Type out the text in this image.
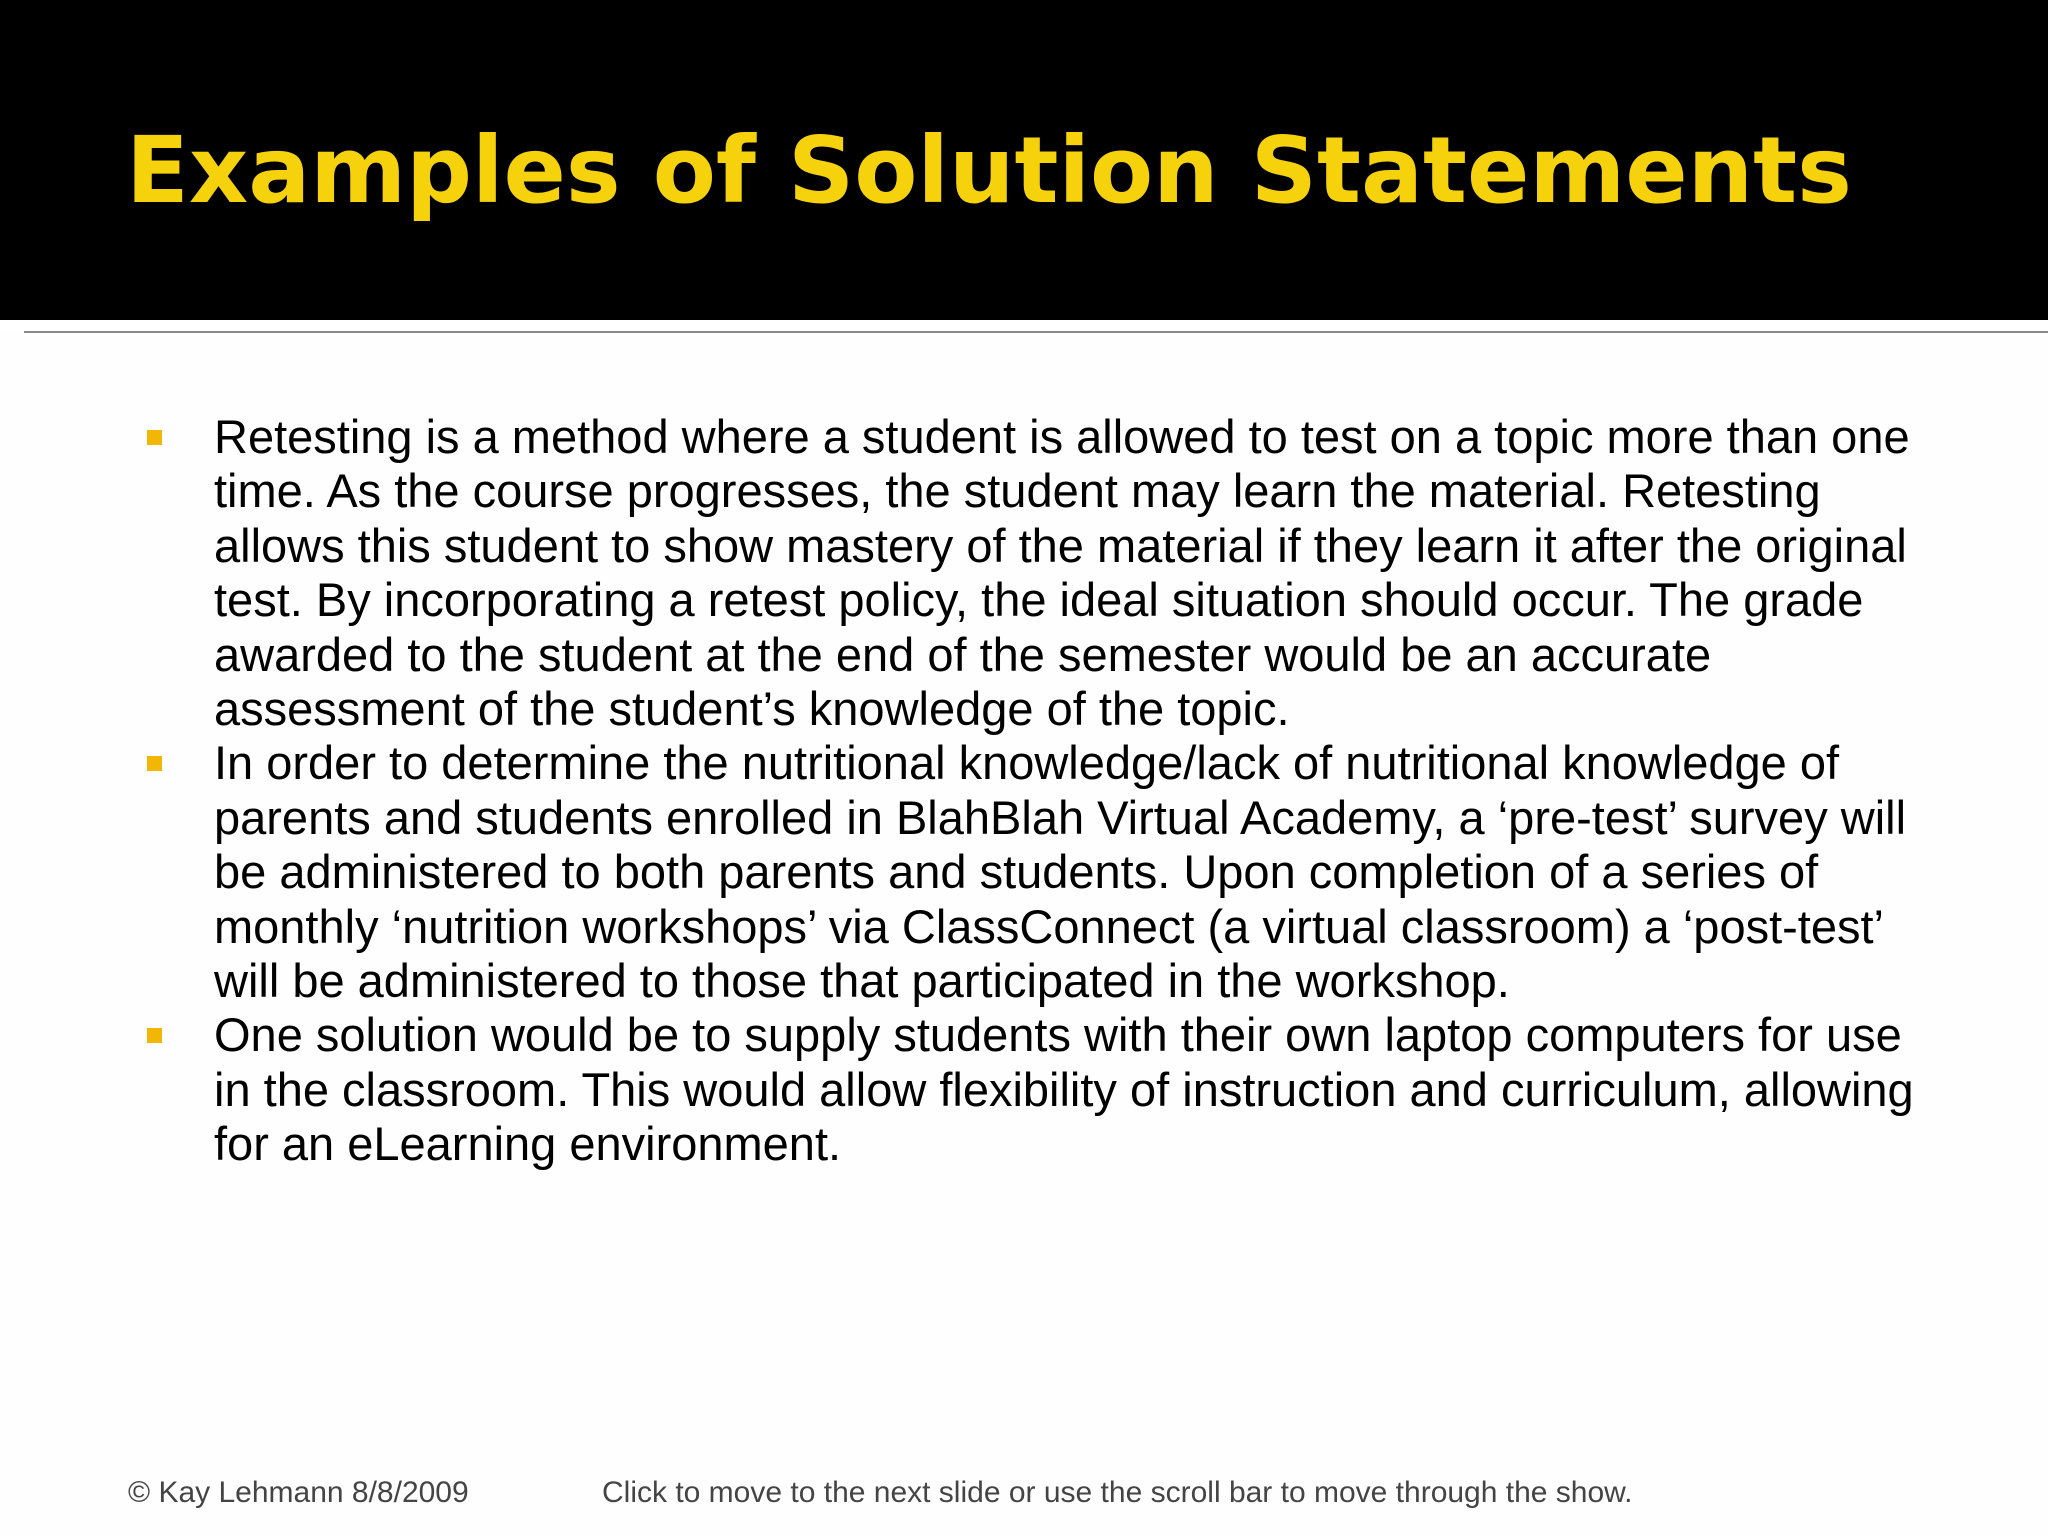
Examples of Solution Statements
Retesting is a method where a student is allowed to test on a topic more than one time. As the course progresses, the student may learn the material. Retesting allows this student to show mastery of the material if they learn it after the original test. By incorporating a retest policy, the ideal situation should occur. The grade awarded to the student at the end of the semester would be an accurate assessment of the student’s knowledge of the topic.
In order to determine the nutritional knowledge/lack of nutritional knowledge of parents and students enrolled in BlahBlah Virtual Academy, a ‘pre-test’ survey will be administered to both parents and students. Upon completion of a series of monthly ‘nutrition workshops’ via ClassConnect (a virtual classroom) a ‘post-test’ will be administered to those that participated in the workshop.
One solution would be to supply students with their own laptop computers for use in the classroom. This would allow flexibility of instruction and curriculum, allowing for an eLearning environment.
© Kay Lehmann 8/8/2009	Click to move to the next slide or use the scroll bar to move through the show.
